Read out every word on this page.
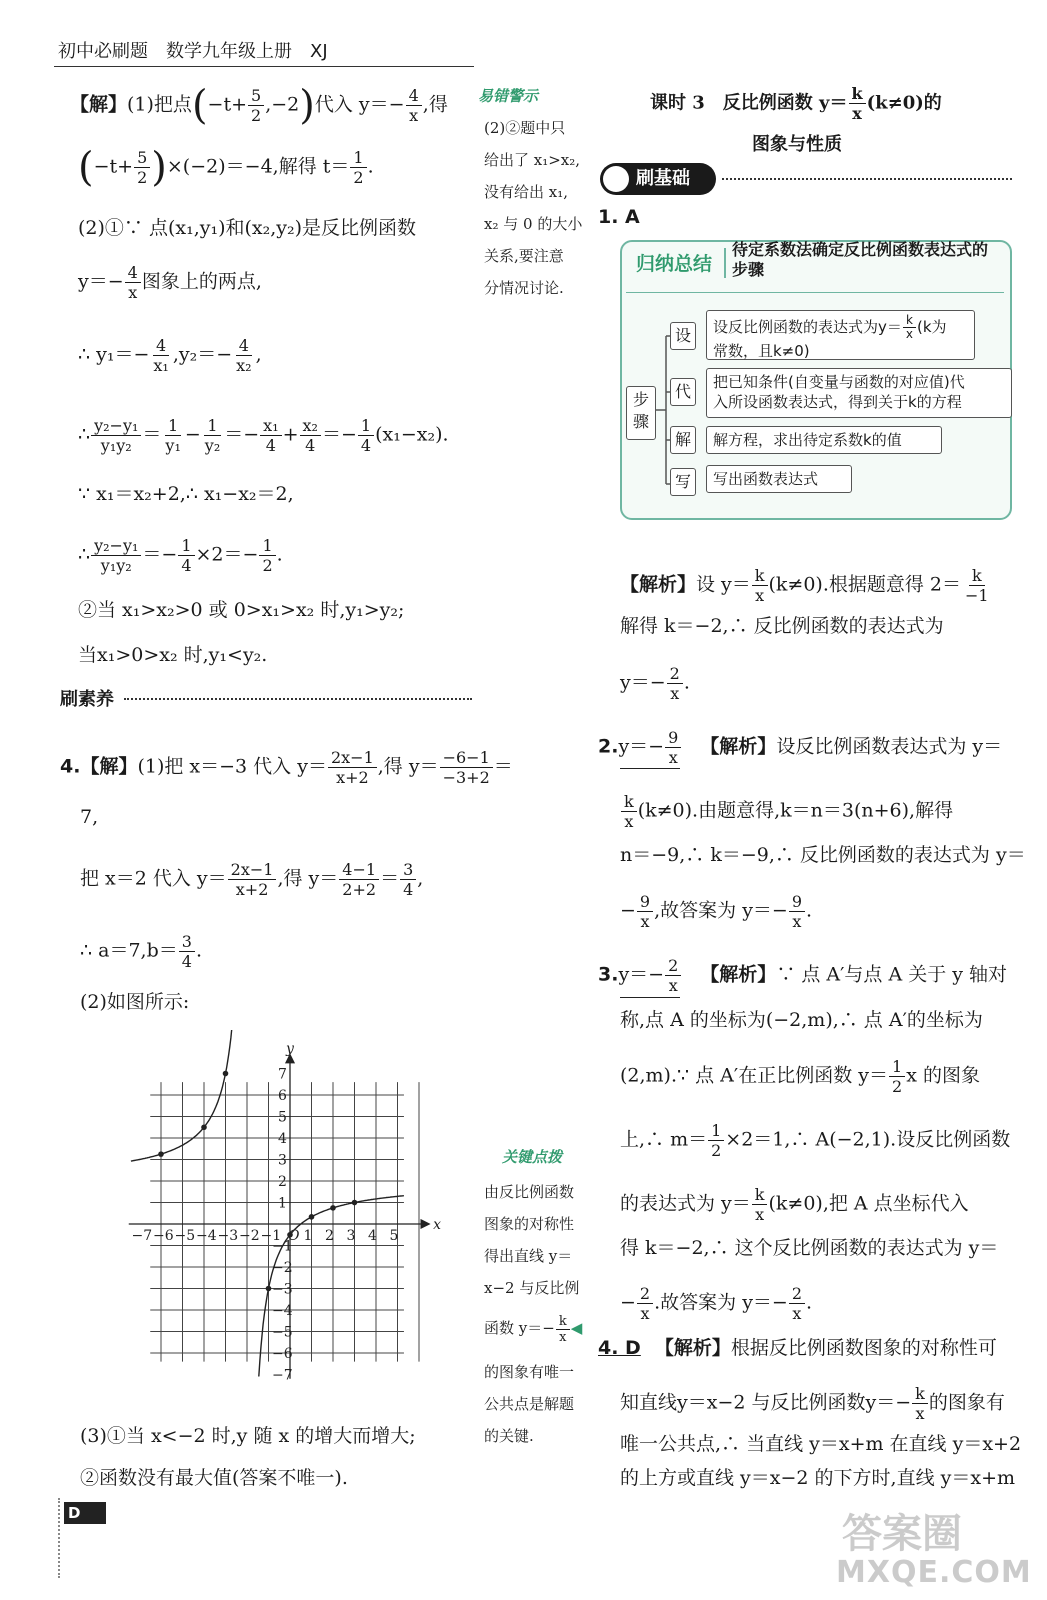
初中必刷题　数学九年级上册　XJ
【解】(1)把点$(-t+ \frac{5}{2} ,-2)$代入 $y=- \frac{4}{x}$ ,得
$(-t+ \frac{5}{2} )\times(-2)=-4$,解得 $t= \frac{1}{2}$ .
(2)①∵ 点(x₁,y₁)和(x₂,y₂)是反比例函数
$y=- \frac{4}{x}$ 图象上的两点,
∴ $y_1=- \frac{4}{\text{x₁}} ,y_2=- \frac{4}{\text{x₂}}$ ,
∴ $\frac{\text{y₂−y₁}}{\text{y₁y₂}} = \frac{1}{\text{y₁}} - \frac{1}{\text{y₂}} =- \frac{\text{x₁}}{4} + \frac{\text{x₂}}{4} =- \frac{1}{4} (x_1-x_2)$.
∵ x₁＝x₂+2,∴ x₁−x₂＝2,
∴ $\frac{\text{y₂−y₁}}{\text{y₁y₂}} =- \frac{1}{4} \times 2=- \frac{1}{2}$ .
②当 x₁>x₂>0 或 0>x₁>x₂ 时,y₁>y₂;
当x₁>0>x₂ 时,y₁<y₂.
刷素养
4.【解】(1)把 x＝−3 代入 $y= \frac{2x-1}{x+2}$ ,得 $y= \frac{-6-1}{-3+2}$ ＝
7,
把 x＝2 代入 $y= \frac{2x-1}{x+2}$ ,得 $y= \frac{4-1}{2+2} = \frac{3}{4}$ ,
∴ $a=7,b= \frac{3}{4}$ .
(2)如图所示:
−7 −6 −5 −4 −3 −2 −1 1 2 3 4 5
7
6
5
4
3
2
1
−1
−2
−3
−4
−5
−6
−7
x
y
O
(3)①当 x<−2 时,y 随 x 的增大而增大;
②函数没有最大值(答案不唯一).
易错警示
(2)②题中只
给出了 x₁>x₂,
没有给出 x₁,
x₂ 与 0 的大小
关系,要注意
分情况讨论.
关键点拨
由反比例函数
图象的对称性
得出直线 y＝
x−2 与反比例
函数 $y=- \frac{k}{x}$ ◀
的图象有唯一
公共点是解题
的关键.
课时 3　反比例函数 $y= \frac{k}{x} (k\ne 0)$的
图象与性质
刷基础
1. A
归纳总结
待定系数法确定反比例函数表达式的步骤
步骤
设	设反比例函数的表达式为$y= \frac{k}{x} (k$为
常数，且k≠0)
代	把已知条件(自变量与函数的对应值)代
入所设函数表达式，得到关于k的方程
解	解方程，求出待定系数k的值
写	写出函数表达式
【解析】设 $y= \frac{k}{x} (k\ne 0)$.根据题意得 $2= \frac{k}{-1}$
解得 k＝−2,∴ 反比例函数的表达式为
$y=- \frac{2}{x}$ .
$2.y=- \frac{9}{x}$ 【解析】设反比例函数表达式为 y＝
$\frac{k}{x} (k\ne 0)$.由题意得,k＝n＝3(n+6),解得
n＝−9,∴ k＝−9,∴ 反比例函数的表达式为 y＝
− $\frac{9}{x}$ ,故答案为 $y=- \frac{9}{x}$ .
$3.y=- \frac{2}{x}$ 【解析】∵ 点 A′与点 A 关于 y 轴对
称,点 A 的坐标为(−2,m),∴ 点 A′的坐标为
(2,m).∵ 点 A′在正比例函数 $y= \frac{1}{2}$ x 的图象
上,∴ $m= \frac{1}{2}$ ×2＝1,∴ A(−2,1).设反比例函数
的表达式为 $y= \frac{k}{x} (k\ne 0)$,把 A 点坐标代入
得 k＝−2,∴ 这个反比例函数的表达式为 y＝
− $\frac{2}{x}$ .故答案为 $y=- \frac{2}{x}$ .
4. D 【解析】根据反比例函数图象的对称性可
知直线y＝x−2 与反比例函数$y=- \frac{k}{x}$ 的图象有
唯一公共点,∴ 当直线 y＝x+m 在直线 y＝x+2
的上方或直线 y＝x−2 的下方时,直线 y＝x+m
D	答案圈
MXQE.COM
